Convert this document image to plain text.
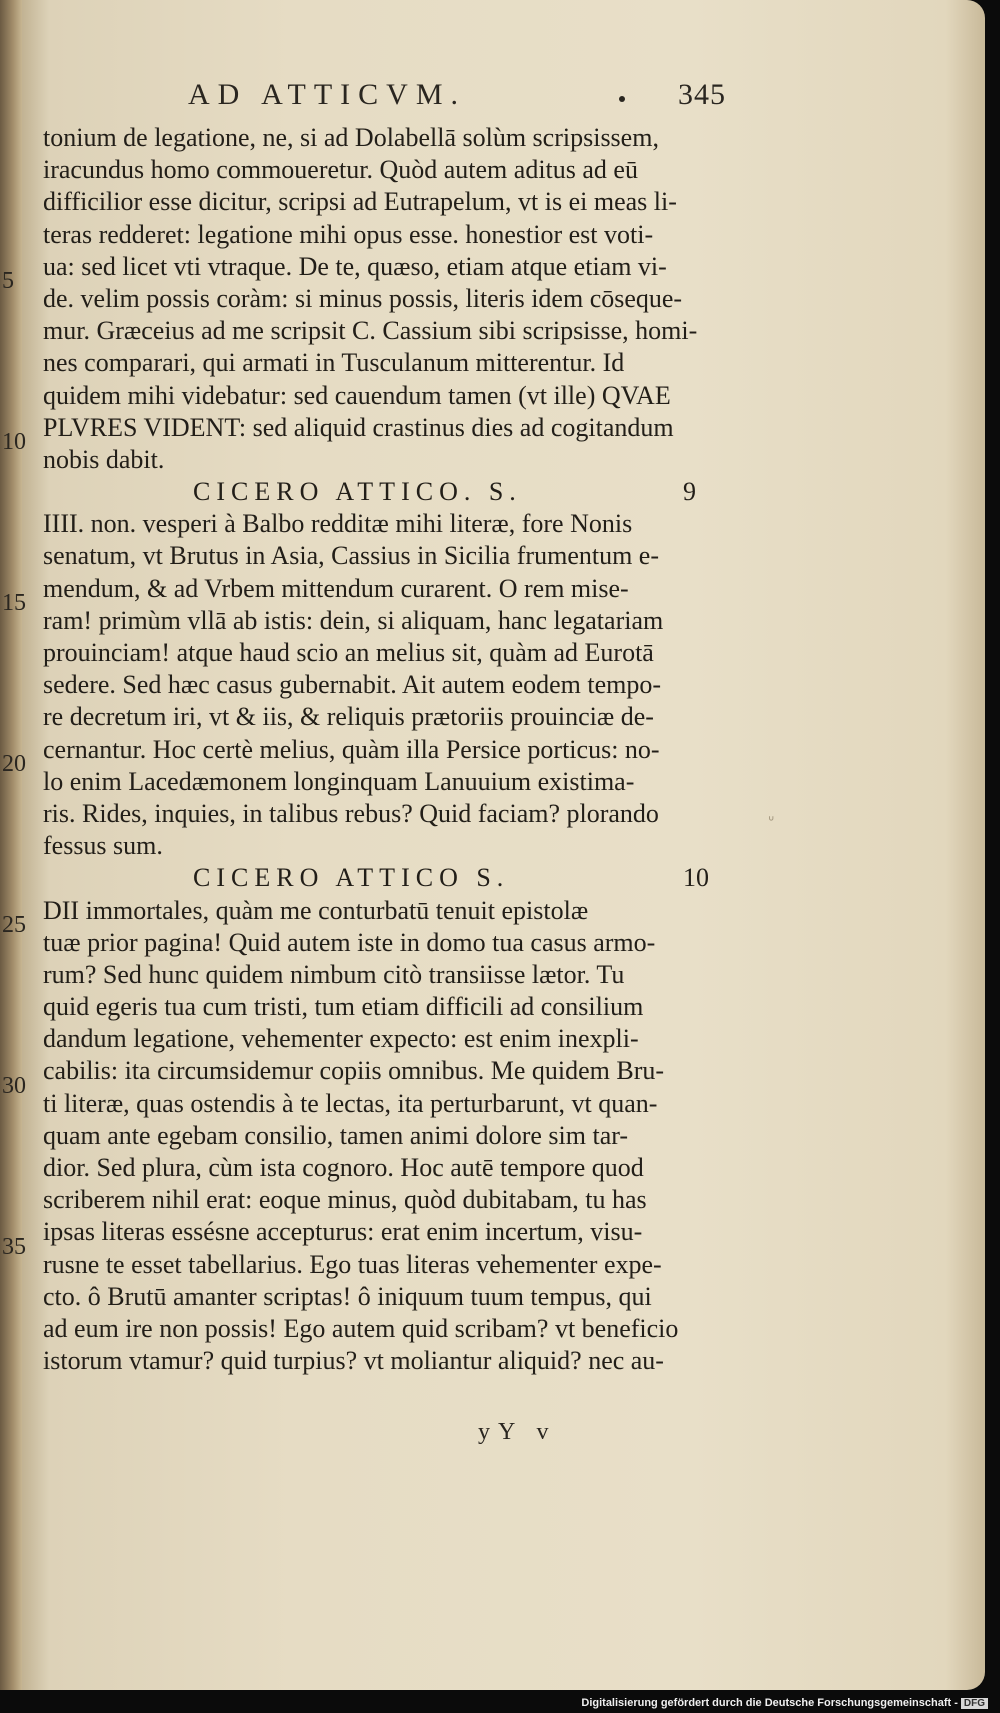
AD ATTICVM.	345
5
10
15
20
25
30
35
tonium de legatione, ne, si ad Dolabellā solùm scripsissem,
iracundus homo commoueretur. Quòd autem aditus ad eū
difficilior esse dicitur, scripsi ad Eutrapelum, vt is ei meas li-
teras redderet: legatione mihi opus esse. honestior est voti-
ua: sed licet vti vtraque. De te, quæso, etiam atque etiam vi-
de. velim possis coràm: si minus possis, literis idem cōseque-
mur. Græceius ad me scripsit C. Cassium sibi scripsisse, homi-
nes comparari, qui armati in Tusculanum mitterentur. Id
quidem mihi videbatur: sed cauendum tamen (vt ille) QVAE
PLVRES VIDENT: sed aliquid crastinus dies ad cogitandum
nobis dabit.
CICERO ATTICO. S.	9
IIII. non. vesperi à Balbo redditæ mihi literæ, fore Nonis
senatum, vt Brutus in Asia, Cassius in Sicilia frumentum e-
mendum, & ad Vrbem mittendum curarent. O rem mise-
ram! primùm vllā ab istis: dein, si aliquam, hanc legatariam
prouinciam! atque haud scio an melius sit, quàm ad Eurotā
sedere. Sed hæc casus gubernabit. Ait autem eodem tempo-
re decretum iri, vt & iis, & reliquis prætoriis prouinciæ de-
cernantur. Hoc certè melius, quàm illa Persice porticus: no-
lo enim Lacedæmonem longinquam Lanuuium existima-
ris. Rides, inquies, in talibus rebus? Quid faciam? plorando
fessus sum.
CICERO ATTICO S.	10
DII immortales, quàm me conturbatū tenuit epistolæ
tuæ prior pagina! Quid autem iste in domo tua casus armo-
rum? Sed hunc quidem nimbum citò transiisse lætor. Tu
quid egeris tua cum tristi, tum etiam difficili ad consilium
dandum legatione, vehementer expecto: est enim inexpli-
cabilis: ita circumsidemur copiis omnibus. Me quidem Bru-
ti literæ, quas ostendis à te lectas, ita perturbarunt, vt quan-
quam ante egebam consilio, tamen animi dolore sim tar-
dior. Sed plura, cùm ista cognoro. Hoc autē tempore quod
scriberem nihil erat: eoque minus, quòd dubitabam, tu has
ipsas literas essésne accepturus: erat enim incertum, visu-
rusne te esset tabellarius. Ego tuas literas vehementer expe-
cto. ô Brutū amanter scriptas! ô iniquum tuum tempus, qui
ad eum ire non possis! Ego autem quid scribam? vt beneficio
istorum vtamur? quid turpius? vt moliantur aliquid? nec au-
yY v
ᐡ
Digitalisierung gefördert durch die Deutsche Forschungsgemeinschaft - DFG
